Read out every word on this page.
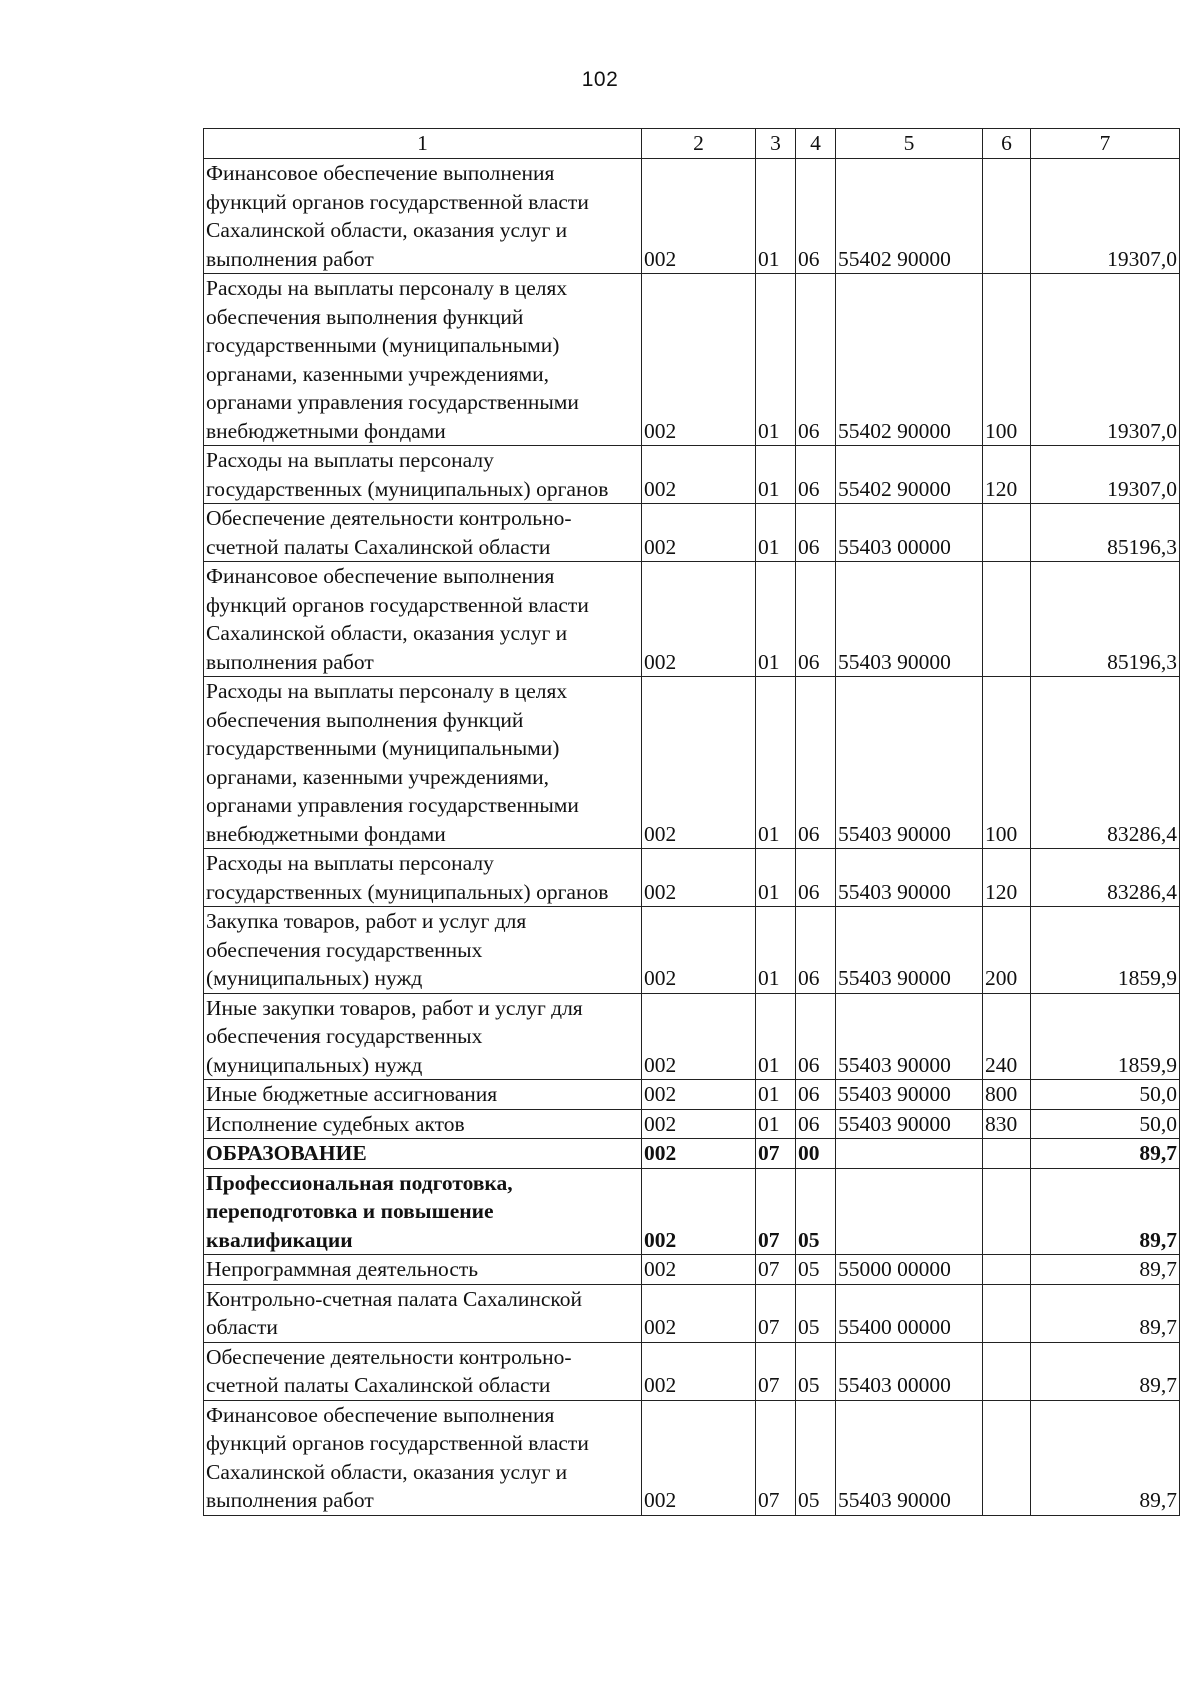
102
1	2	3	4	5	6	7
Финансовое обеспечение выполнения функций органов государственной власти Сахалинской области, оказания услуг и выполнения работ	002	01	06	55402 90000		19307,0
Расходы на выплаты персоналу в целях обеспечения выполнения функций государственными (муниципальными) органами, казенными учреждениями, органами управления государственными внебюджетными фондами	002	01	06	55402 90000	100	19307,0
Расходы на выплаты персоналу государственных (муниципальных) органов	002	01	06	55402 90000	120	19307,0
Обеспечение деятельности контрольно-счетной палаты Сахалинской области	002	01	06	55403 00000		85196,3
Финансовое обеспечение выполнения функций органов государственной власти Сахалинской области, оказания услуг и выполнения работ	002	01	06	55403 90000		85196,3
Расходы на выплаты персоналу в целях обеспечения выполнения функций государственными (муниципальными) органами, казенными учреждениями, органами управления государственными внебюджетными фондами	002	01	06	55403 90000	100	83286,4
Расходы на выплаты персоналу государственных (муниципальных) органов	002	01	06	55403 90000	120	83286,4
Закупка товаров, работ и услуг для обеспечения государственных (муниципальных) нужд	002	01	06	55403 90000	200	1859,9
Иные закупки товаров, работ и услуг для обеспечения государственных (муниципальных) нужд	002	01	06	55403 90000	240	1859,9
Иные бюджетные ассигнования	002	01	06	55403 90000	800	50,0
Исполнение судебных актов	002	01	06	55403 90000	830	50,0
ОБРАЗОВАНИЕ	002	07	00			89,7
Профессиональная подготовка, переподготовка и повышение квалификации	002	07	05			89,7
Непрограммная деятельность	002	07	05	55000 00000		89,7
Контрольно-счетная палата Сахалинской области	002	07	05	55400 00000		89,7
Обеспечение деятельности контрольно-счетной палаты Сахалинской области	002	07	05	55403 00000		89,7
Финансовое обеспечение выполнения функций органов государственной власти Сахалинской области, оказания услуг и выполнения работ	002	07	05	55403 90000		89,7
